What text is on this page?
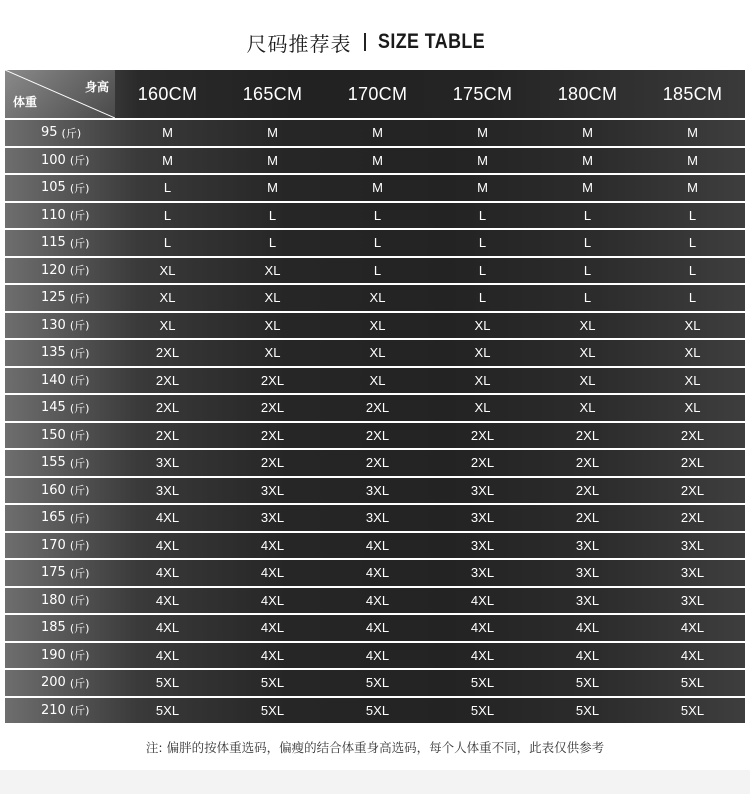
尺码推荐表 SIZE TABLE
身高
体重	160CM	165CM	170CM	175CM	180CM	185CM
95 (斤)	M	M	M	M	M	M
100 (斤)	M	M	M	M	M	M
105 (斤)	L	M	M	M	M	M
110 (斤)	L	L	L	L	L	L
115 (斤)	L	L	L	L	L	L
120 (斤)	XL	XL	L	L	L	L
125 (斤)	XL	XL	XL	L	L	L
130 (斤)	XL	XL	XL	XL	XL	XL
135 (斤)	2XL	XL	XL	XL	XL	XL
140 (斤)	2XL	2XL	XL	XL	XL	XL
145 (斤)	2XL	2XL	2XL	XL	XL	XL
150 (斤)	2XL	2XL	2XL	2XL	2XL	2XL
155 (斤)	3XL	2XL	2XL	2XL	2XL	2XL
160 (斤)	3XL	3XL	3XL	3XL	2XL	2XL
165 (斤)	4XL	3XL	3XL	3XL	2XL	2XL
170 (斤)	4XL	4XL	4XL	3XL	3XL	3XL
175 (斤)	4XL	4XL	4XL	3XL	3XL	3XL
180 (斤)	4XL	4XL	4XL	4XL	3XL	3XL
185 (斤)	4XL	4XL	4XL	4XL	4XL	4XL
190 (斤)	4XL	4XL	4XL	4XL	4XL	4XL
200 (斤)	5XL	5XL	5XL	5XL	5XL	5XL
210 (斤)	5XL	5XL	5XL	5XL	5XL	5XL
注: 偏胖的按体重选码，偏瘦的结合体重身高选码，每个人体重不同，此表仅供参考
